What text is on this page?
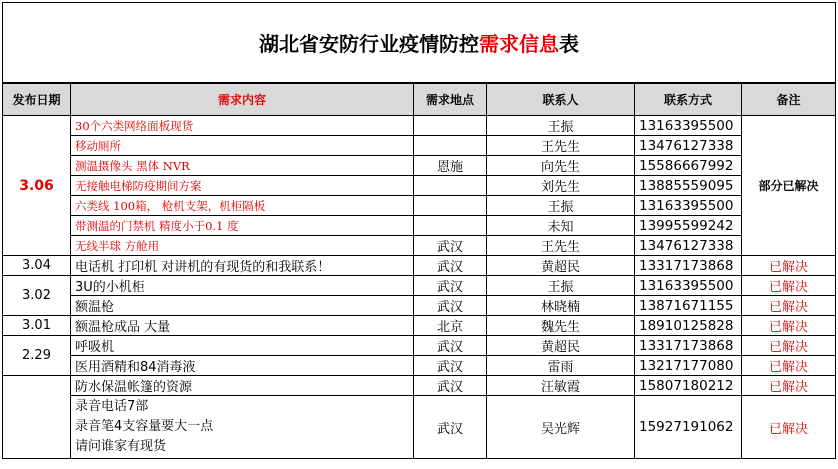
湖北省安防行业疫情防控需求信息表					
发布日期	需求内容	需求地点	联系人	联系方式	备注
3.06	30个六类网络面板现货		王振	13163395500	部分已解决
	移动厕所		王先生	13476127338	
	测温摄像头 黑体 NVR	恩施	向先生	15586667992	
	无接触电梯防疫期间方案		刘先生	13885559095	
	六类线 100箱， 枪机支架，机柜隔板		王振	13163395500	
	带测温的门禁机 精度小于0.1 度		未知	13995599242	
	无线半球 方舱用	武汉	王先生	13476127338	
3.04	电话机 打印机 对讲机的有现货的和我联系！	武汉	黄超民	13317173868	已解决
3.02	3U的小机柜	武汉	王振	13163395500	已解决
	额温枪	武汉	林晓楠	13871671155	已解决
3.01	额温枪成品 大量	北京	魏先生	18910125828	已解决
2.29	呼吸机	武汉	黄超民	13317173868	已解决
	医用酒精和84消毒液	武汉	雷雨	13217177080	已解决
	防水保温帐篷的资源	武汉	汪敏霞	15807180212	已解决

	录音电话7部
录音笔4支容量要大一点
请问谁家有现货	武汉	吴光辉	15927191062	已解决
